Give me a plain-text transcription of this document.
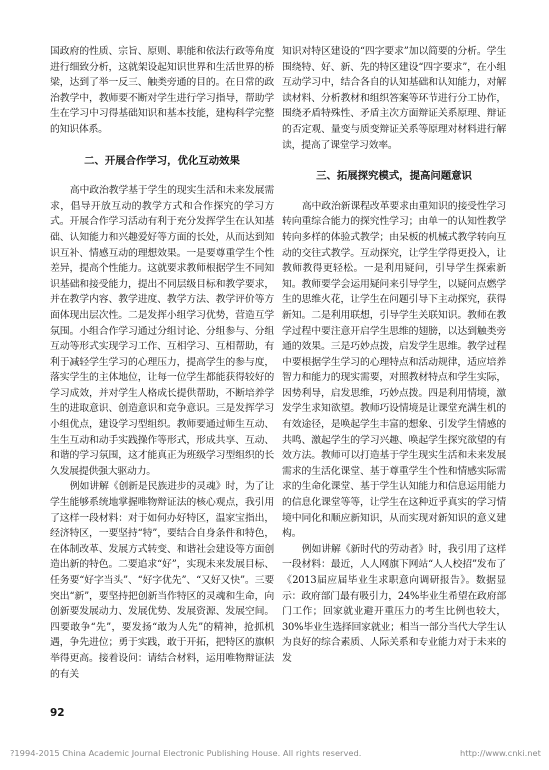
国政府的性质、宗旨、原则、职能和依法行政等角度进行细致分析，这就架设起知识世界和生活世界的桥梁，达到了举一反三、触类旁通的目的。在日常的政治教学中，教师要不断对学生进行学习指导，帮助学生在学习中习得基础知识和基本技能，建构科学完整的知识体系。

二、开展合作学习，优化互动效果

高中政治教学基于学生的现实生活和未来发展需求，倡导开放互动的教学方式和合作探究的学习方式。开展合作学习活动有利于充分发挥学生在认知基础、认知能力和兴趣爱好等方面的长处，从而达到知识互补、情感互动的理想效果。一是要尊重学生个性差异，提高个性能力。这就要求教师根据学生不同知识基础和接受能力，提出不同层级目标和教学要求，并在教学内容、教学进度、教学方法、教学评价等方面体现出层次性。二是发挥小组学习优势，营造互学氛围。小组合作学习通过分组讨论、分组参与、分组互动等形式实现学习工作、互相学习、互相帮助，有利于减轻学生学习的心理压力，提高学生的参与度，落实学生的主体地位，让每一位学生都能获得较好的学习成效，并对学生人格成长提供帮助，不断培养学生的进取意识、创造意识和竞争意识。三是发挥学习小组优点，建设学习型组织。教师要通过师生互动、生生互动和动手实践操作等形式，形成共享、互动、和谐的学习氛围，这才能真正为班级学习型组织的长久发展提供强大驱动力。

例如讲解《创新是民族进步的灵魂》时，为了让学生能够系统地掌握唯物辩证法的核心观点，我引用了这样一段材料：对于如何办好特区，温家宝指出，经济特区，一要坚持“特”，要结合自身条件和特色，在体制改革、发展方式转变、和谐社会建设等方面创造出新的特色。二要追求“好”，实现未来发展目标、任务要“好字当头”、“好字优先”、“又好又快”。三要突出“新”，要坚持把创新当作特区的灵魂和生命，向创新要发展动力、发展优势、发展资源、发展空间。四要敢争“先”，要发扬“敢为人先”的精神，抢抓机遇，争先进位；勇于实践，敢于开拓，把特区的旗帜举得更高。接着设问：请结合材料，运用唯物辩证法的有关

知识对特区建设的“四字要求”加以简要的分析。学生围绕特、好、新、先的特区建设“四字要求”，在小组互动学习中，结合各自的认知基础和认知能力，对解读材料、分析教材和组织答案等环节进行分工协作，围绕矛盾特殊性、矛盾主次方面辩证关系原理、辩证的否定观、量变与质变辩证关系等原理对材料进行解读，提高了课堂学习效率。

三、拓展探究模式，提高问题意识

高中政治新课程改革要求由重知识的接受性学习转向重综合能力的探究性学习；由单一的认知性教学转向多样的体验式教学；由呆板的机械式教学转向互动的交往式教学。互动探究，让学生学得更投入，让教师教得更轻松。一是利用疑问，引导学生探索新知。教师要学会运用疑问来引导学生，以疑问点燃学生的思维火花，让学生在问题引导下主动探究，获得新知。二是利用联想，引导学生关联知识。教师在教学过程中要注意开启学生思维的翅膀，以达到触类旁通的效果。三是巧妙点拨，启发学生思维。教学过程中要根据学生学习的心理特点和活动规律，适应培养智力和能力的现实需要，对照教材特点和学生实际，因势利导，启发思维，巧妙点拨。四是利用情境，激发学生求知欲望。教师巧设情境是让课堂充满生机的有效途径，是唤起学生丰富的想象、引发学生情感的共鸣、激起学生的学习兴趣、唤起学生探究欲望的有效方法。教师可以打造基于学生现实生活和未来发展需求的生活化课堂、基于尊重学生个性和情感实际需求的生命化课堂、基于学生认知能力和信息运用能力的信息化课堂等等，让学生在这种近乎真实的学习情境中同化和顺应新知识，从而实现对新知识的意义建构。

例如讲解《新时代的劳动者》时，我引用了这样一段材料：最近，人人网旗下网站“人人校招”发布了《2013届应届毕业生求职意向调研报告》。数据显示：政府部门最有吸引力，24%毕业生希望在政府部门工作；回家就业避开重压力的考生比例也较大，30%毕业生选择回家就业；相当一部分当代大学生认为良好的综合素质、人际关系和专业能力对于未来的发

92
?1994-2015 China Academic Journal Electronic Publishing House. All rights reserved.	http://www.cnki.net
